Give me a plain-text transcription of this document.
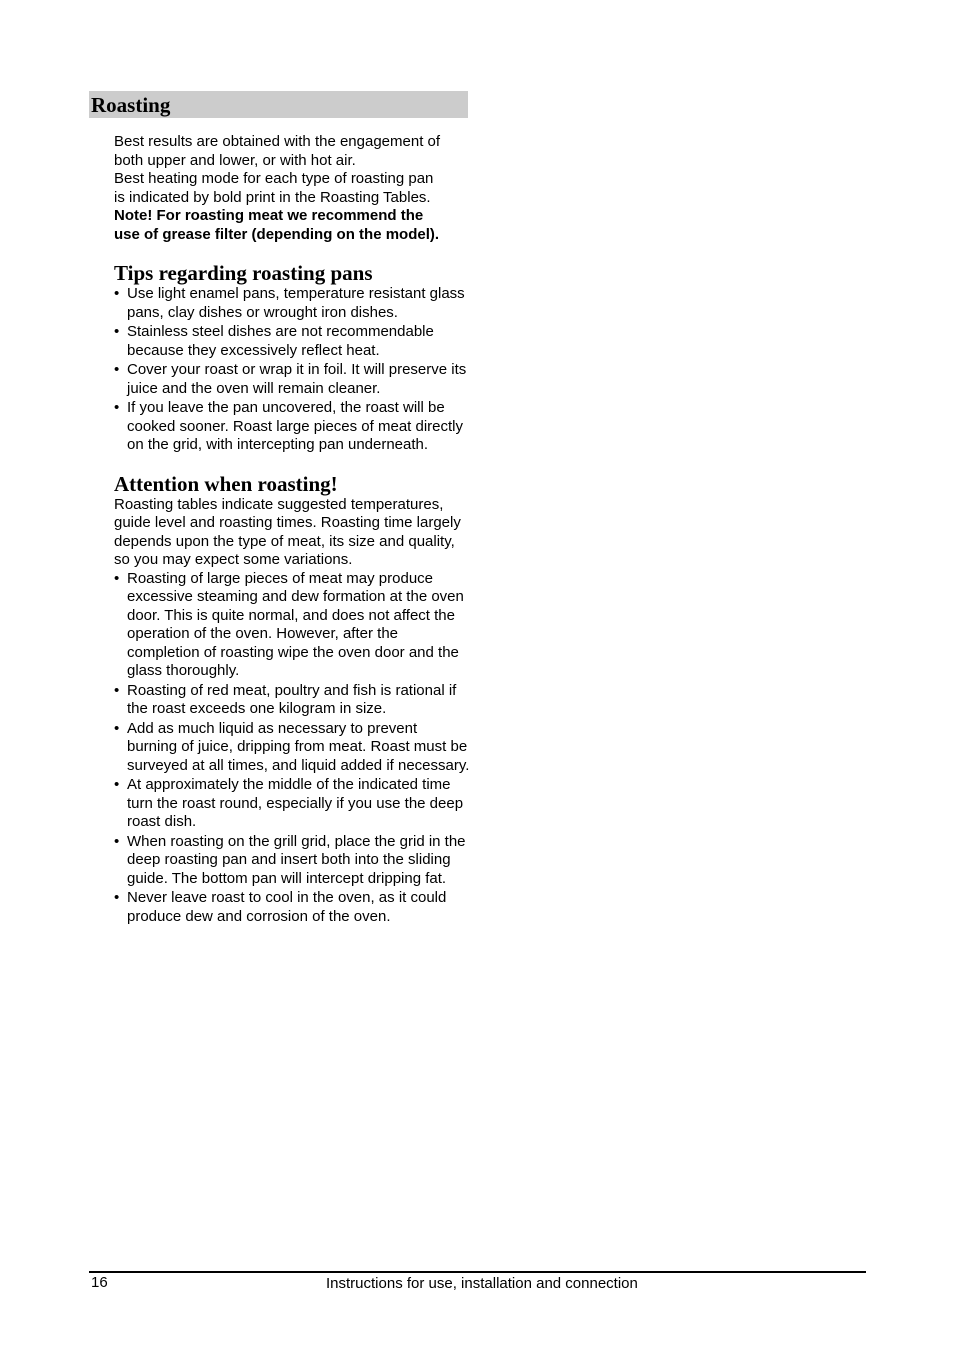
Roasting

Best results are obtained with the engagement of
both upper and lower, or with hot air.
Best heating mode for each type of roasting pan
is indicated by bold print in the Roasting Tables.
Note! For roasting meat we recommend the
use of grease filter (depending on the model).

Tips regarding roasting pans
• Use light enamel pans, temperature resistant glass pans, clay dishes or wrought iron dishes.
• Stainless steel dishes are not recommendable because they excessively reflect heat.
• Cover your roast or wrap it in foil. It will preserve its juice and the oven will remain cleaner.
• If you leave the pan uncovered, the roast will be cooked sooner. Roast large pieces of meat directly on the grid, with intercepting pan underneath.
Attention when roasting!

Roasting tables indicate suggested temperatures, guide level and roasting times. Roasting time largely depends upon the type of meat, its size and quality, so you may expect some variations.

• Roasting of large pieces of meat may produce excessive steaming and dew formation at the oven door. This is quite normal, and does not affect the operation of the oven. However, after the completion of roasting wipe the oven door and the glass thoroughly.
• Roasting of red meat, poultry and fish is rational if the roast exceeds one kilogram in size.
• Add as much liquid as necessary to prevent burning of juice, dripping from meat. Roast must be surveyed at all times, and liquid added if necessary.
• At approximately the middle of the indicated time turn the roast round, especially if you use the deep roast dish.
• When roasting on the grill grid, place the grid in the deep roasting pan and insert both into the sliding guide. The bottom pan will intercept dripping fat.
• Never leave roast to cool in the oven, as it could produce dew and corrosion of the oven.
16	Instructions for use, installation and connection
